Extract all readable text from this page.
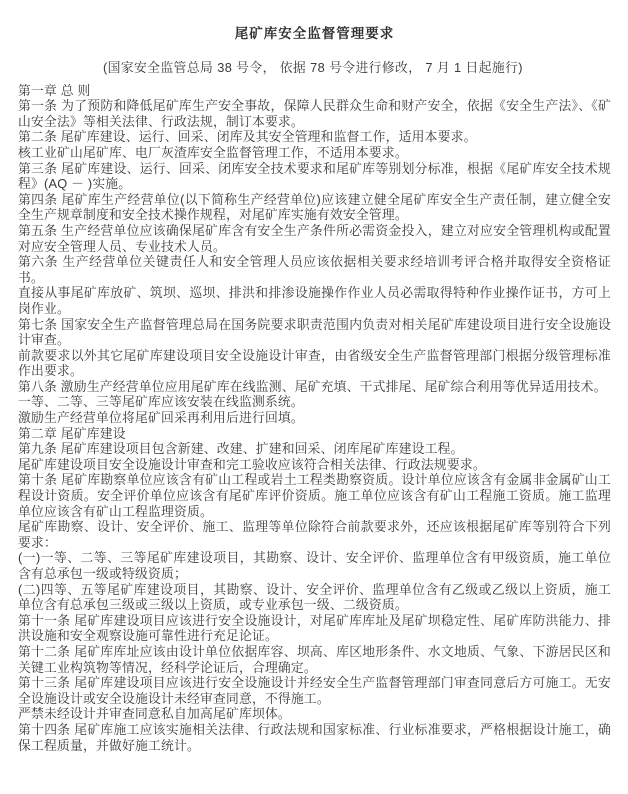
尾矿库安全监督管理要求
(国家安全监管总局 38 号令， 依据 78 号令进行修改， 7 月 1 日起施行)
第一章 总 则
第一条 为了预防和降低尾矿库生产安全事故，保障人民群众生命和财产安全，依据《安全生产法》、《矿山安全法》等相关法律、行政法规，制订本要求。
第二条 尾矿库建设、运行、回采、闭库及其安全管理和监督工作，适用本要求。
核工业矿山尾矿库、电厂灰渣库安全监督管理工作，不适用本要求。
第三条 尾矿库建设、运行、回采、闭库安全技术要求和尾矿库等别划分标准，根据《尾矿库安全技术规程》(AQ － )实施。
第四条 尾矿库生产经营单位(以下简称生产经营单位)应该建立健全尾矿库安全生产责任制，建立健全安全生产规章制度和安全技术操作规程，对尾矿库实施有效安全管理。
第五条 生产经营单位应该确保尾矿库含有安全生产条件所必需资金投入，建立对应安全管理机构或配置对应安全管理人员、专业技术人员。
第六条 生产经营单位关键责任人和安全管理人员应该依据相关要求经培训考评合格并取得安全资格证书。
直接从事尾矿库放矿、筑坝、巡坝、排洪和排渗设施操作作业人员必需取得特种作业操作证书，方可上岗作业。
第七条 国家安全生产监督管理总局在国务院要求职责范围内负责对相关尾矿库建设项目进行安全设施设计审查。
前款要求以外其它尾矿库建设项目安全设施设计审查，由省级安全生产监督管理部门根据分级管理标准作出要求。
第八条 激励生产经营单位应用尾矿库在线监测、尾矿充填、干式排尾、尾矿综合利用等优异适用技术。
一等、二等、三等尾矿库应该安装在线监测系统。
激励生产经营单位将尾矿回采再利用后进行回填。
第二章 尾矿库建设
第九条 尾矿库建设项目包含新建、改建、扩建和回采、闭库尾矿库建设工程。
尾矿库建设项目安全设施设计审查和完工验收应该符合相关法律、行政法规要求。
第十条 尾矿库勘察单位应该含有矿山工程或岩土工程类勘察资质。设计单位应该含有金属非金属矿山工程设计资质。安全评价单位应该含有尾矿库评价资质。施工单位应该含有矿山工程施工资质。施工监理单位应该含有矿山工程监理资质。
尾矿库勘察、设计、安全评价、施工、监理等单位除符合前款要求外，还应该根据尾矿库等别符合下列要求：
(一)一等、二等、三等尾矿库建设项目，其勘察、设计、安全评价、监理单位含有甲级资质，施工单位含有总承包一级或特级资质；
(二)四等、五等尾矿库建设项目，其勘察、设计、安全评价、监理单位含有乙级或乙级以上资质，施工单位含有总承包三级或三级以上资质，或专业承包一级、二级资质。
第十一条 尾矿库建设项目应该进行安全设施设计，对尾矿库库址及尾矿坝稳定性、尾矿库防洪能力、排洪设施和安全观察设施可靠性进行充足论证。
第十二条 尾矿库库址应该由设计单位依据库容、坝高、库区地形条件、水文地质、气象、下游居民区和关键工业构筑物等情况，经科学论证后，合理确定。
第十三条 尾矿库建设项目应该进行安全设施设计并经安全生产监督管理部门审查同意后方可施工。无安全设施设计或安全设施设计未经审查同意，不得施工。
严禁未经设计并审查同意私自加高尾矿库坝体。
第十四条 尾矿库施工应该实施相关法律、行政法规和国家标准、行业标准要求，严格根据设计施工，确保工程质量，并做好施工统计。
